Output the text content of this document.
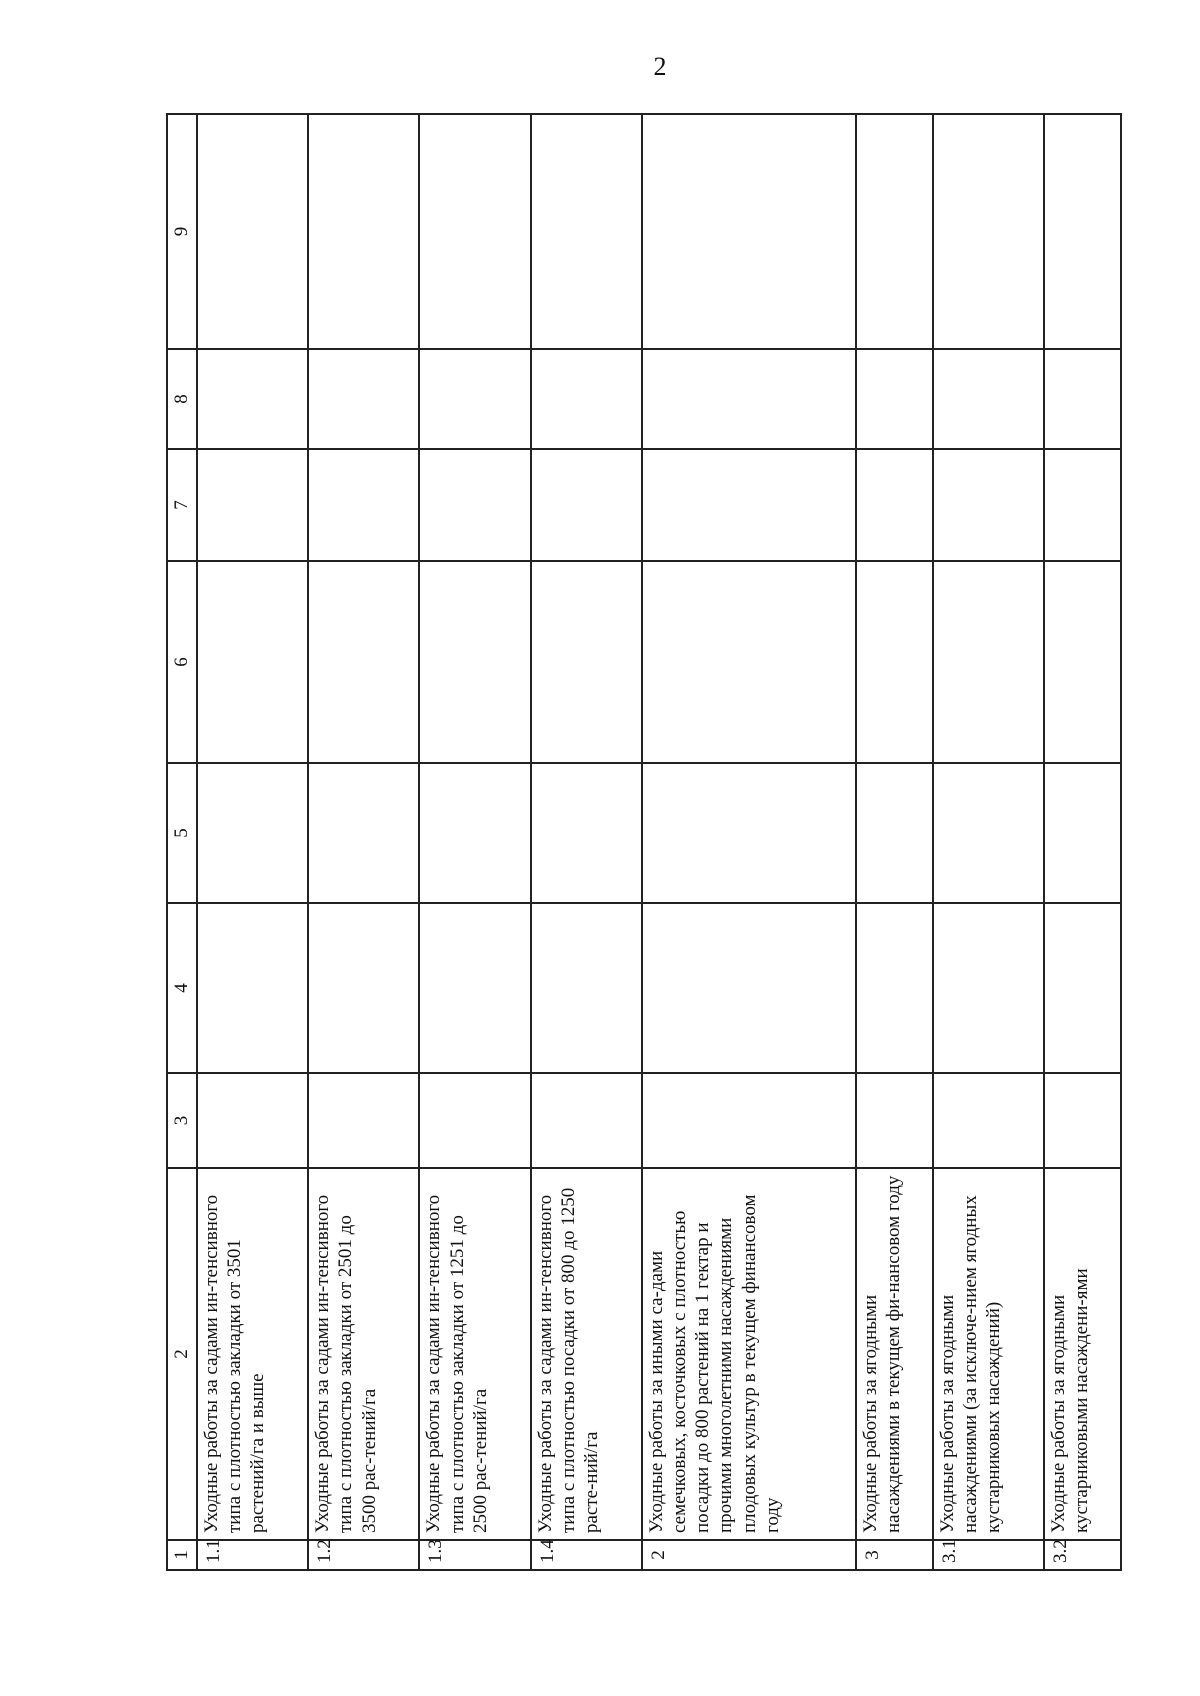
2
1	2	3	4	5	6	7	8	9
1.1	Уходные работы за садами ин-тенсивного типа с плотностью закладки от 3501 растений/га и выше							
1.2	Уходные работы за садами ин-тенсивного типа с плотностью закладки от 2501 до 3500 рас-тений/га							
1.3	Уходные работы за садами ин-тенсивного типа с плотностью закладки от 1251 до 2500 рас-тений/га							
1.4	Уходные работы за садами ин-тенсивного типа с плотностью посадки от 800 до 1250 расте-ний/га							
2	Уходные работы за иными са-дами семечковых, косточковых с плотностью посадки до 800 растений на 1 гектар и прочими многолетними насаждениями плодовых культур в текущем финансовом году							
3	Уходные работы за ягодными насаждениями в текущем фи-нансовом году							
3.1	Уходные работы за ягодными насаждениями (за исключе-нием ягодных кустарниковых насаждений)							
3.2	Уходные работы за ягодными кустарниковыми насаждени-ями							
